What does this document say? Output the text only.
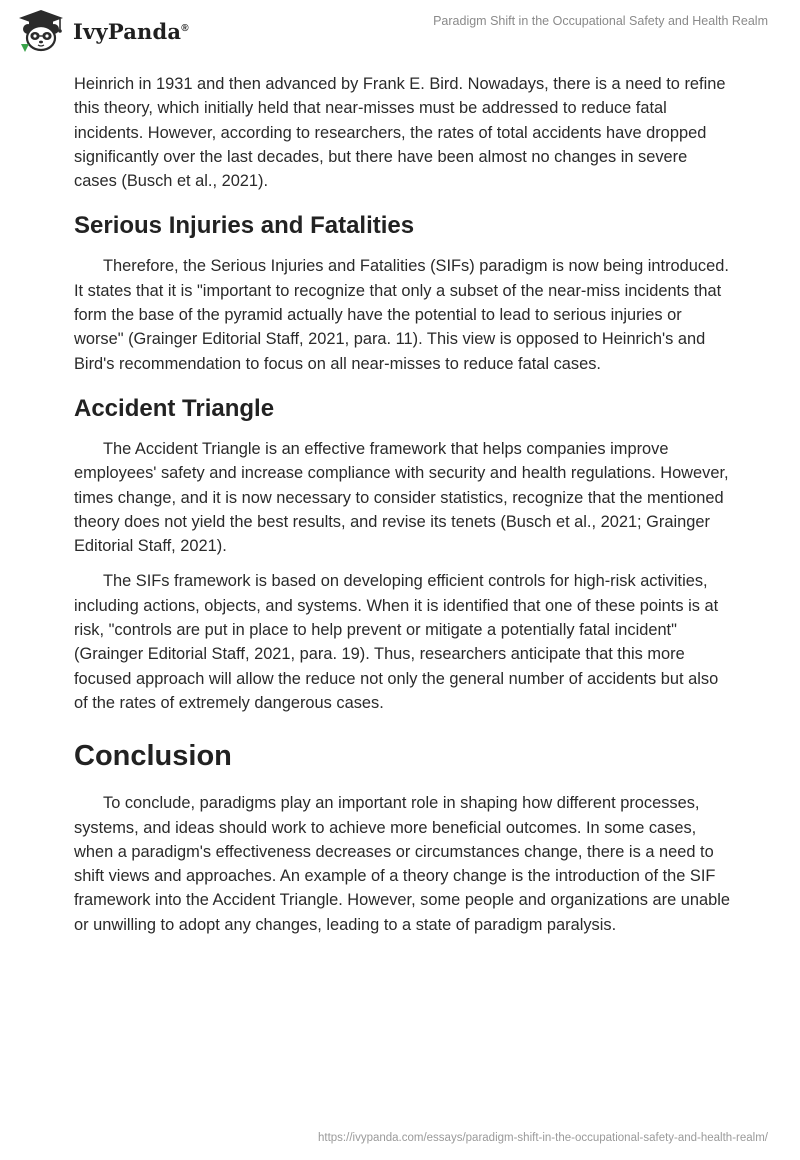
IvyPanda®	Paradigm Shift in the Occupational Safety and Health Realm

Heinrich in 1931 and then advanced by Frank E. Bird. Nowadays, there is a need to refine this theory, which initially held that near-misses must be addressed to reduce fatal incidents. However, according to researchers, the rates of total accidents have dropped significantly over the last decades, but there have been almost no changes in severe cases (Busch et al., 2021).

Serious Injuries and Fatalities

Therefore, the Serious Injuries and Fatalities (SIFs) paradigm is now being introduced. It states that it is "important to recognize that only a subset of the near-miss incidents that form the base of the pyramid actually have the potential to lead to serious injuries or worse" (Grainger Editorial Staff, 2021, para. 11). This view is opposed to Heinrich's and Bird's recommendation to focus on all near-misses to reduce fatal cases.

Accident Triangle

The Accident Triangle is an effective framework that helps companies improve employees' safety and increase compliance with security and health regulations. However, times change, and it is now necessary to consider statistics, recognize that the mentioned theory does not yield the best results, and revise its tenets (Busch et al., 2021; Grainger Editorial Staff, 2021).

The SIFs framework is based on developing efficient controls for high-risk activities, including actions, objects, and systems. When it is identified that one of these points is at risk, "controls are put in place to help prevent or mitigate a potentially fatal incident" (Grainger Editorial Staff, 2021, para. 19). Thus, researchers anticipate that this more focused approach will allow the reduce not only the general number of accidents but also of the rates of extremely dangerous cases.

Conclusion

To conclude, paradigms play an important role in shaping how different processes, systems, and ideas should work to achieve more beneficial outcomes. In some cases, when a paradigm's effectiveness decreases or circumstances change, there is a need to shift views and approaches. An example of a theory change is the introduction of the SIF framework into the Accident Triangle. However, some people and organizations are unable or unwilling to adopt any changes, leading to a state of paradigm paralysis.

https://ivypanda.com/essays/paradigm-shift-in-the-occupational-safety-and-health-realm/
